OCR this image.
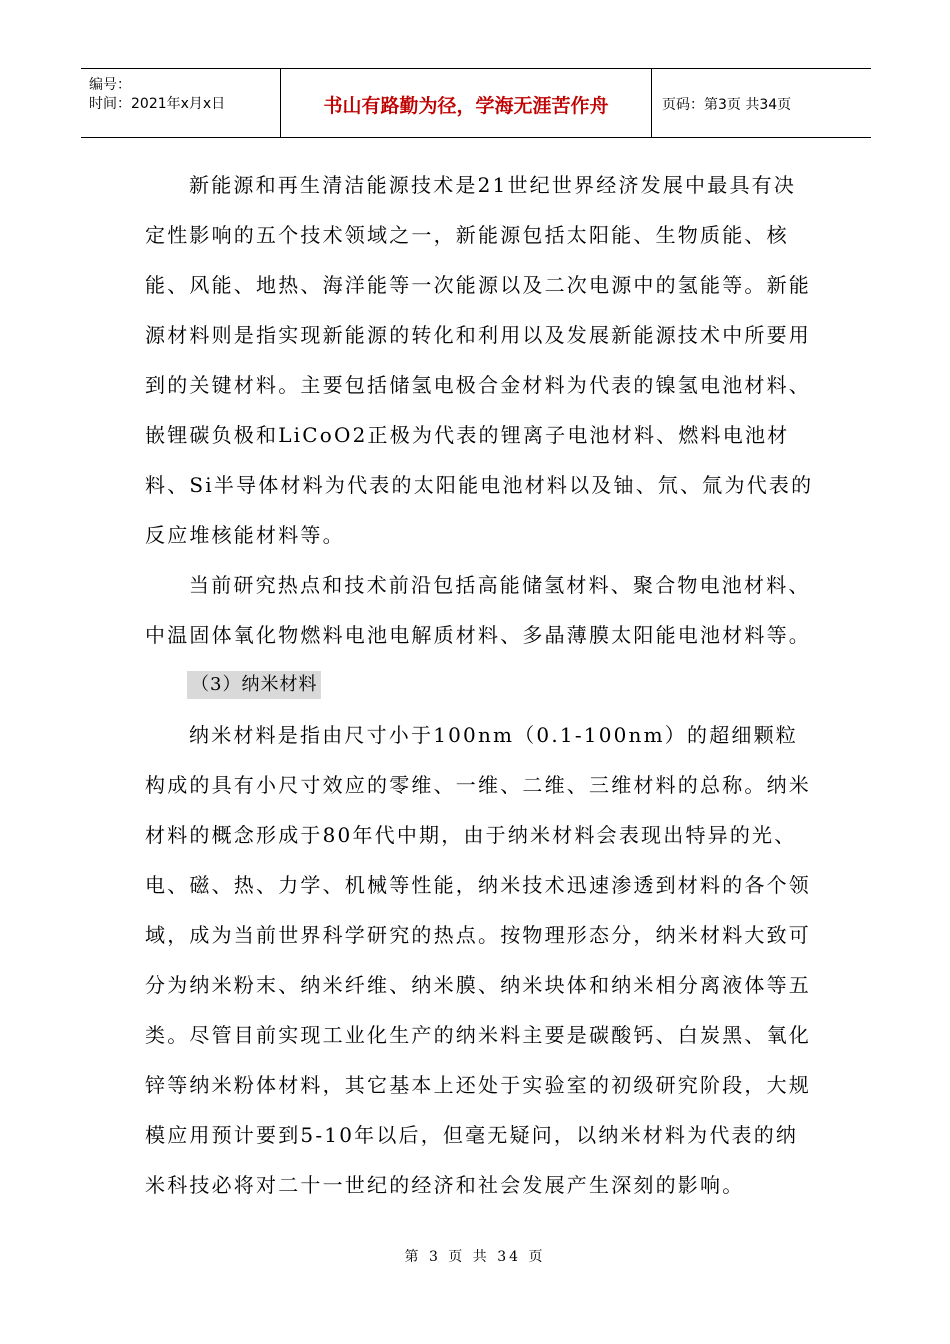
编号：
时间：2021年x月x日	书山有路勤为径，学海无涯苦作舟	页码：第3页 共34页

新能源和再生清洁能源技术是21世纪世界经济发展中最具有决定性影响的五个技术领域之一，新能源包括太阳能、生物质能、核能、风能、地热、海洋能等一次能源以及二次电源中的氢能等。新能源材料则是指实现新能源的转化和利用以及发展新能源技术中所要用到的关键材料。主要包括储氢电极合金材料为代表的镍氢电池材料、嵌锂碳负极和LiCoO2正极为代表的锂离子电池材料、燃料电池材料、Si半导体材料为代表的太阳能电池材料以及铀、氘、氚为代表的反应堆核能材料等。

当前研究热点和技术前沿包括高能储氢材料、聚合物电池材料、中温固体氧化物燃料电池电解质材料、多晶薄膜太阳能电池材料等。

（3）纳米材料

纳米材料是指由尺寸小于100nm（0.1-100nm）的超细颗粒构成的具有小尺寸效应的零维、一维、二维、三维材料的总称。纳米材料的概念形成于80年代中期，由于纳米材料会表现出特异的光、电、磁、热、力学、机械等性能，纳米技术迅速渗透到材料的各个领域，成为当前世界科学研究的热点。按物理形态分，纳米材料大致可分为纳米粉末、纳米纤维、纳米膜、纳米块体和纳米相分离液体等五类。尽管目前实现工业化生产的纳米料主要是碳酸钙、白炭黑、氧化锌等纳米粉体材料，其它基本上还处于实验室的初级研究阶段，大规模应用预计要到5-10年以后，但毫无疑问，以纳米材料为代表的纳米科技必将对二十一世纪的经济和社会发展产生深刻的影响。

第 3 页 共 34 页
